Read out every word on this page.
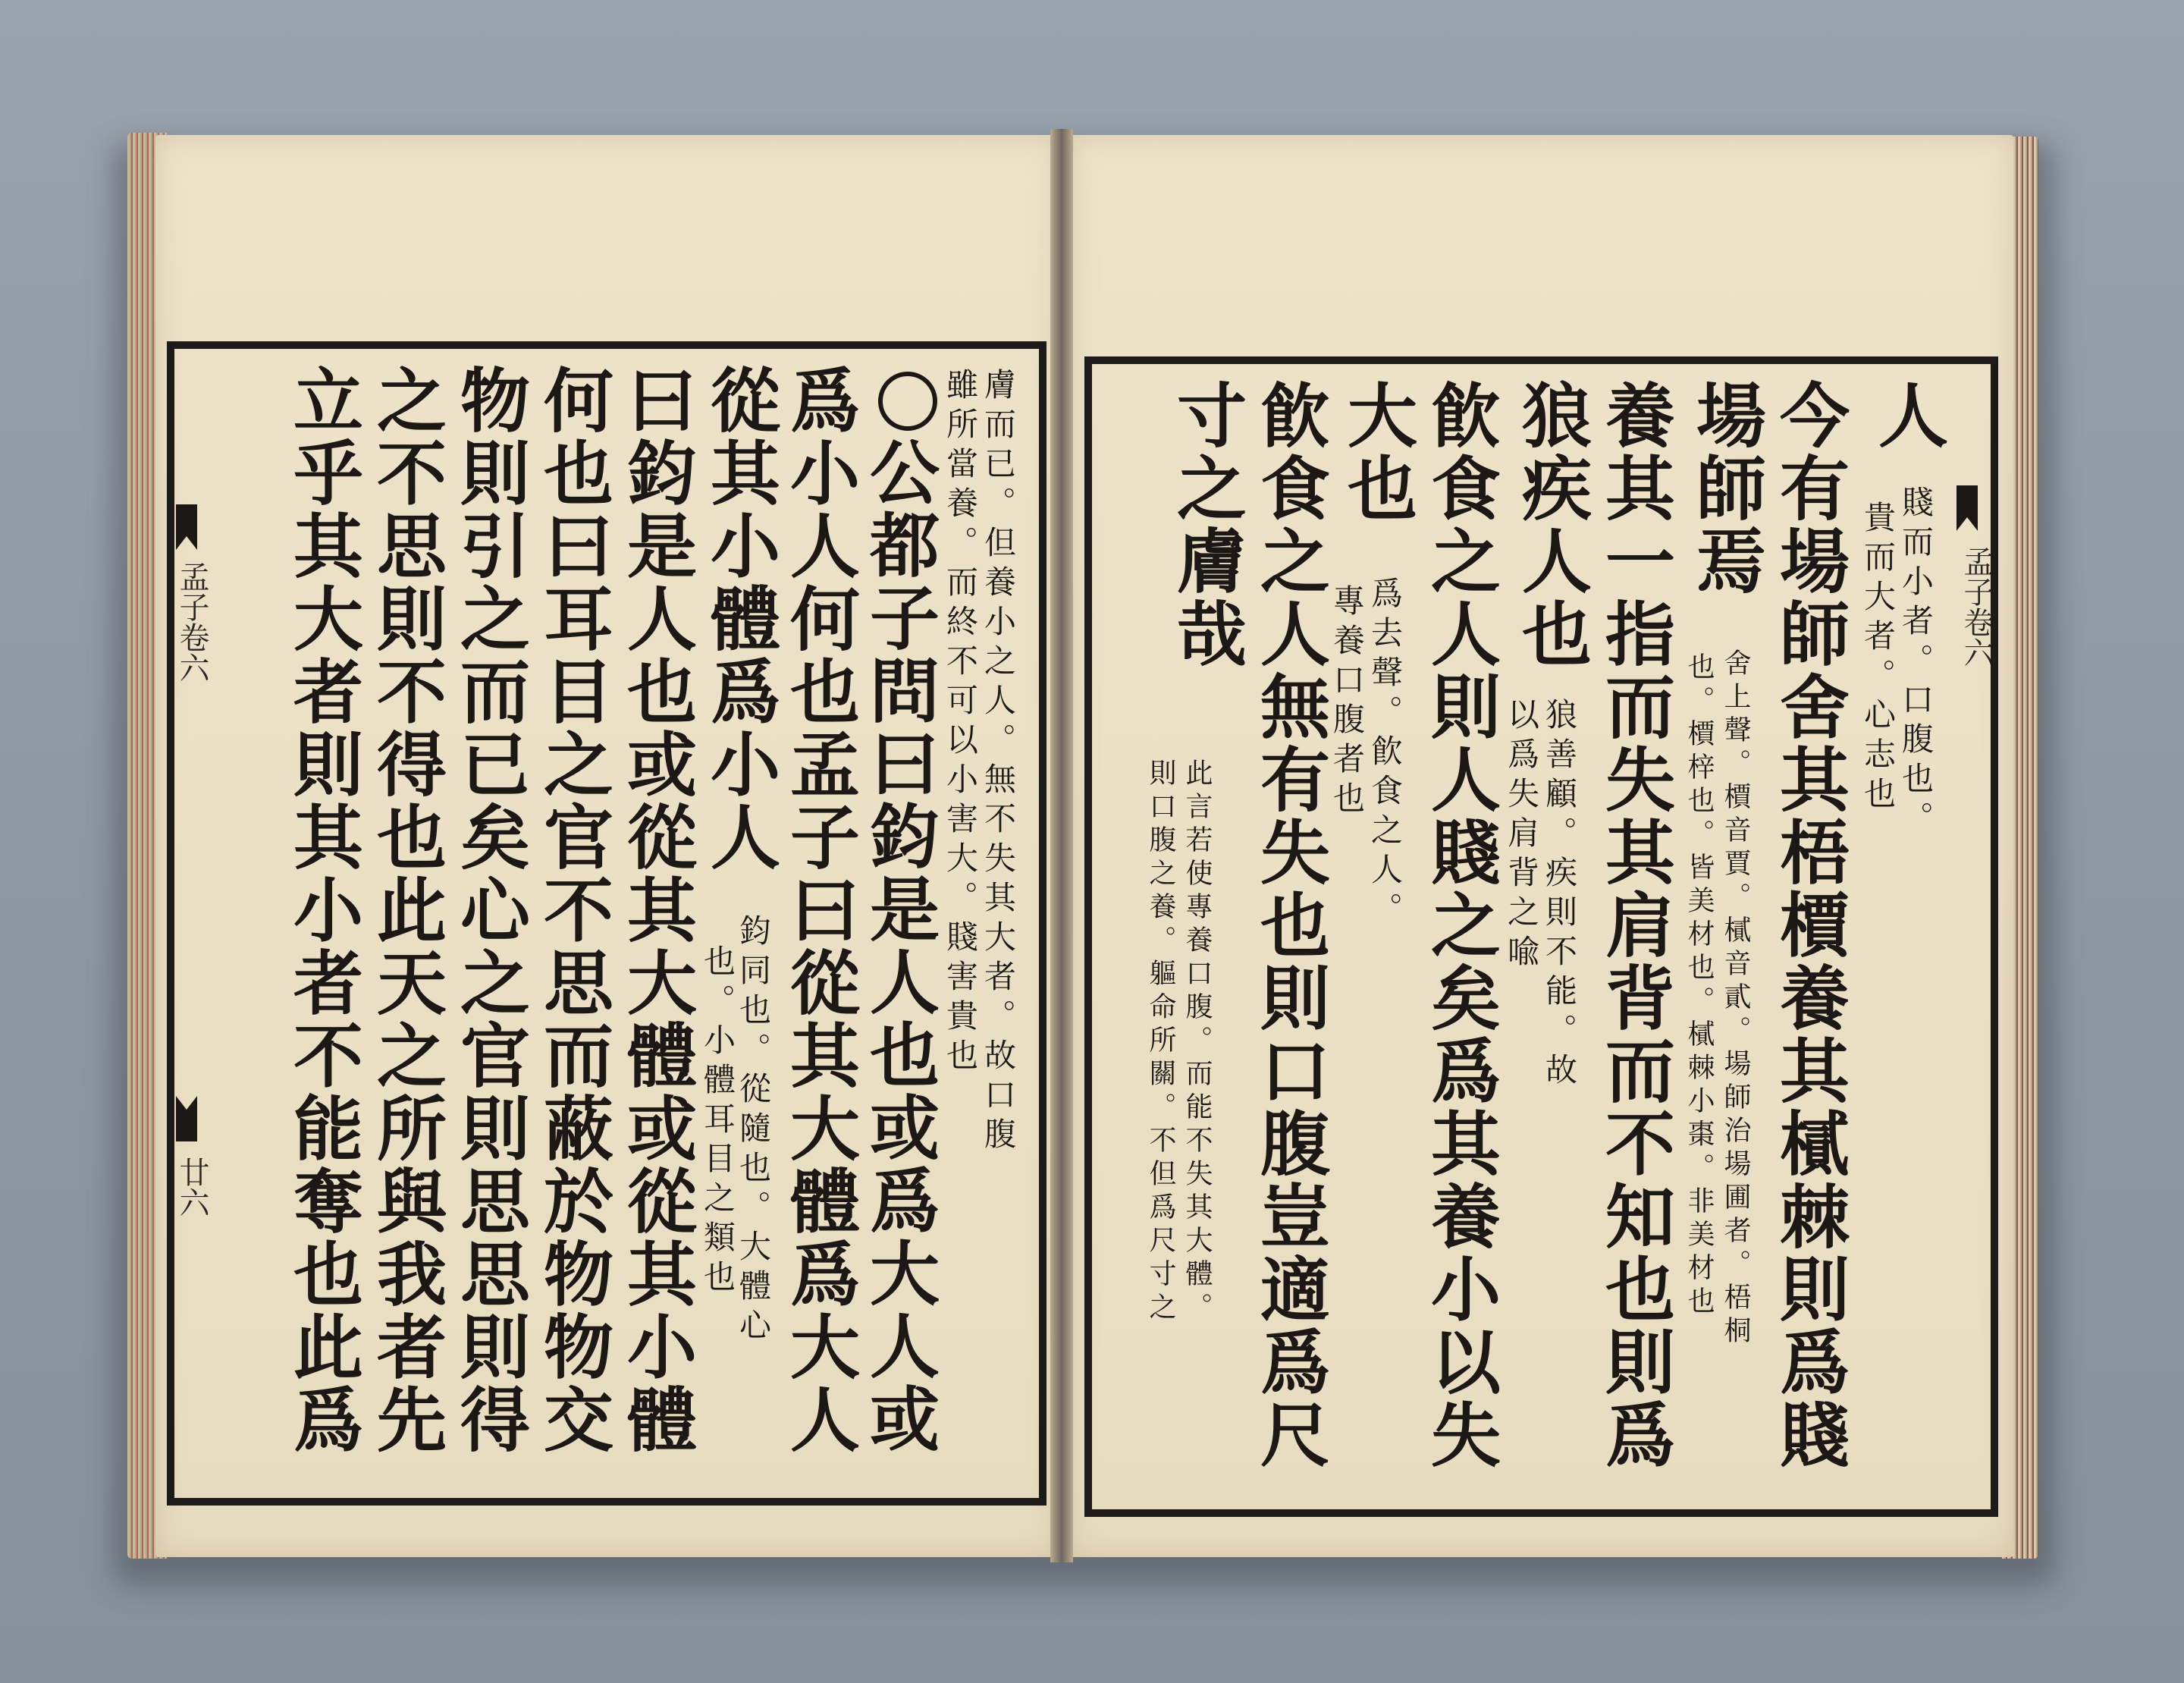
孟子卷六
廿六
孟子卷六
膚而已。但養小之人。無不失其大者。故口腹
雖所當養。而終不可以小害大。賤害貴也
公都子問曰鈞是人也或爲大人或
爲小人何也孟子曰從其大體爲大人
從其小體爲小人
鈞同也。從隨也。大體心
也。小體耳目之類也
曰鈞是人也或從其大體或從其小體
何也曰耳目之官不思而蔽於物物交
物則引之而已矣心之官則思思則得
之不思則不得也此天之所與我者先
立乎其大者則其小者不能奪也此爲	人
賤而小者。口腹也。
貴而大者。心志也
今有場師舍其梧檟養其樲棘則爲賤
場師焉
舍上聲。檟音賈。樲音貳。場師治場圃者。梧桐
也。檟梓也。皆美材也。樲棘小棗。非美材也
養其一指而失其肩背而不知也則爲
狼疾人也
狼善顧。疾則不能。故
以爲失肩背之喩
飮食之人則人賤之矣爲其養小以失
大也
爲去聲。飮食之人。
專養口腹者也
飮食之人無有失也則口腹豈適爲尺
寸之膚哉
此言若使專養口腹。而能不失其大體。
則口腹之養。軀命所關。不但爲尺寸之
